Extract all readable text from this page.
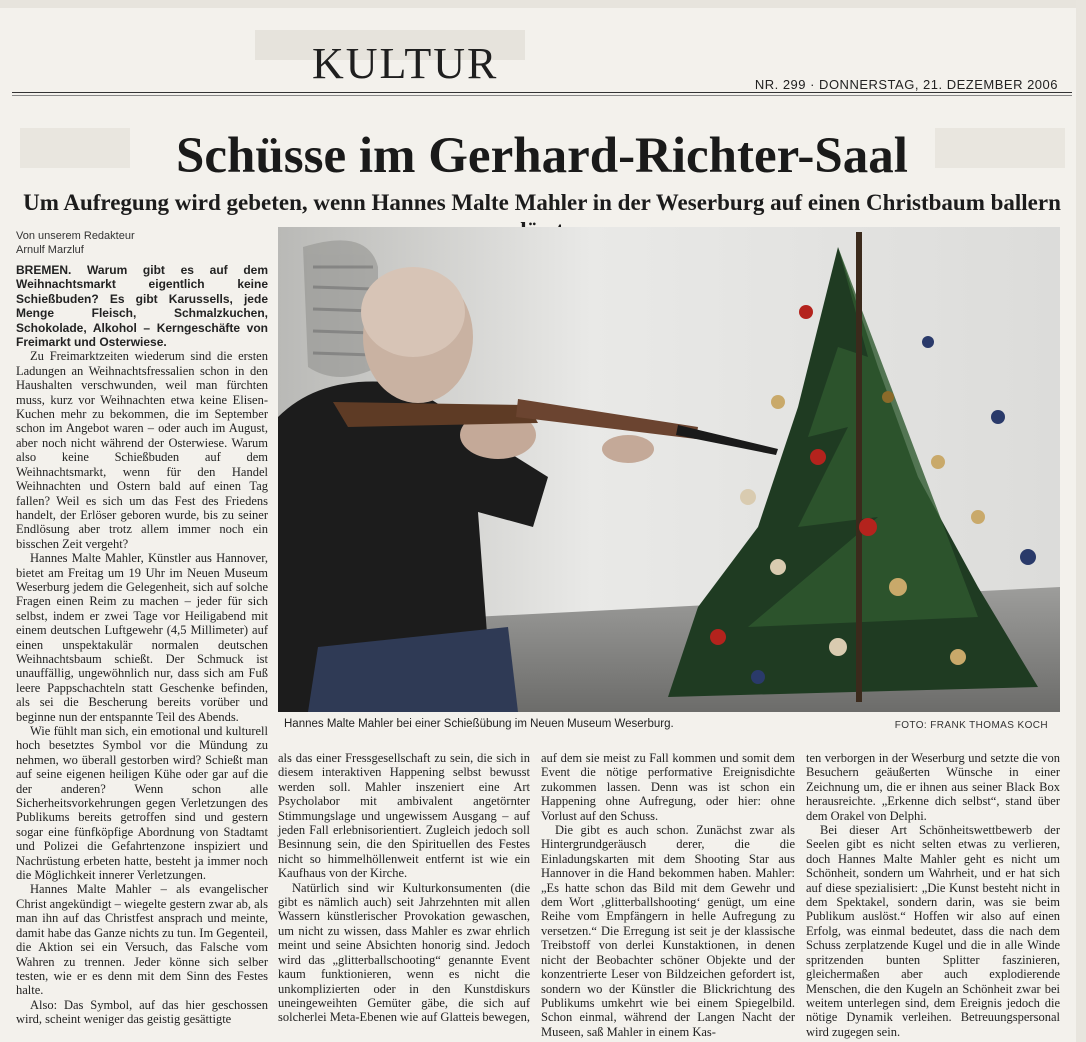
KULTUR	NR. 299 · DONNERSTAG, 21. DEZEMBER 2006
Schüsse im Gerhard-Richter-Saal
Um Aufregung wird gebeten, wenn Hannes Malte Mahler in der Weserburg auf einen Christbaum ballern
Von unserem Redakteur
Arnulf Marzluf

BREMEN. Warum gibt es auf dem Weihnachtsmarkt eigentlich keine Schießbuden? Es gibt Karussells, jede Menge Fleisch, Schmalzkuchen, Schokolade, Alkohol – Kerngeschäfte von Freimarkt und Osterwiese.

Zu Freimarktzeiten wiederum sind die ersten Ladungen an Weihnachtsfressalien schon in den Haushalten verschwunden, weil man fürchten muss, kurz vor Weihnachten etwa keine Elisen-Kuchen mehr zu bekommen, die im September schon im Angebot waren – oder auch im August, aber noch nicht während der Osterwiese. Warum also keine Schießbuden auf dem Weihnachtsmarkt, wenn für den Handel Weihnachten und Ostern bald auf einen Tag fallen? Weil es sich um das Fest des Friedens handelt, der Erlöser geboren wurde, bis zu seiner Endlösung aber trotz allem immer noch ein bisschen Zeit vergeht?

Hannes Malte Mahler, Künstler aus Hannover, bietet am Freitag um 19 Uhr im Neuen Museum Weserburg jedem die Gelegenheit, sich auf solche Fragen einen Reim zu machen – jeder für sich selbst, indem er zwei Tage vor Heiligabend mit einem deutschen Luftgewehr (4,5 Millimeter) auf einen unspektakulär normalen deutschen Weihnachtsbaum schießt. Der Schmuck ist unauffällig, ungewöhnlich nur, dass sich am Fuß leere Pappschachteln statt Geschenke befinden, als sei die Bescherung bereits vorüber und beginne nun der entspannte Teil des Abends.

Wie fühlt man sich, ein emotional und kulturell hoch besetztes Symbol vor die Mündung zu nehmen, wo überall gestorben wird? Schießt man auf seine eigenen heiligen Kühe oder gar auf die der anderen? Wenn schon alle Sicherheitsvorkehrungen gegen Verletzungen des Publikums bereits getroffen sind und gestern sogar eine fünfköpfige Abordnung von Stadtamt und Polizei die Gefahrtenzone inspiziert und Nachrüstung erbeten hatte, besteht ja immer noch die Möglichkeit innerer Verletzungen.

Hannes Malte Mahler – als evangelischer Christ angekündigt – wiegelte gestern zwar ab, als man ihn auf das Christfest ansprach und meinte, damit habe das Ganze nichts zu tun. Im Gegenteil, die Aktion sei ein Versuch, das Falsche vom Wahren zu trennen. Jeder könne sich selber testen, wie er es denn mit dem Sinn des Festes halte.

Also: Das Symbol, auf das hier geschossen wird, scheint weniger das geistig gesättigte

Hannes Malte Mahler bei einer Schießübung im Neuen Museum Weserburg.	FOTO: FRANK THOMAS KOCH

als das einer Fressgesellschaft zu sein, die sich in diesem interaktiven Happening selbst bewusst werden soll. Mahler inszeniert eine Art Psycholabor mit ambivalent angetörnter Stimmungslage und ungewissem Ausgang – auf jeden Fall erlebnisorientiert. Zugleich jedoch soll Besinnung sein, die den Spirituellen des Festes nicht so himmelhöllenweit entfernt ist wie ein Kaufhaus von der Kirche.

Natürlich sind wir Kulturkonsumenten (die gibt es nämlich auch) seit Jahrzehnten mit allen Wassern künstlerischer Provokation gewaschen, um nicht zu wissen, dass Mahler es zwar ehrlich meint und seine Absichten honorig sind. Jedoch wird das „glitterballschooting“ genannte Event kaum funktionieren, wenn es nicht die unkomplizierten oder in den Kunstdiskurs uneingeweihten Gemüter gäbe, die sich auf solcherlei Meta-Ebenen wie auf Glatteis bewegen,

auf dem sie meist zu Fall kommen und somit dem Event die nötige performative Ereignisdichte zukommen lassen. Denn was ist schon ein Happening ohne Aufregung, oder hier: ohne Vorlust auf den Schuss.

Die gibt es auch schon. Zunächst zwar als Hintergrundgeräusch derer, die die Einladungskarten mit dem Shooting Star aus Hannover in die Hand bekommen haben. Mahler: „Es hatte schon das Bild mit dem Gewehr und dem Wort ‚glitterballshooting‘ genügt, um eine Reihe vom Empfängern in helle Aufregung zu versetzen.“ Die Erregung ist seit je der klassische Treibstoff von derlei Kunstaktionen, in denen nicht der Beobachter schöner Objekte und der konzentrierte Leser von Bildzeichen gefordert ist, sondern wo der Künstler die Blickrichtung des Publikums umkehrt wie bei einem Spiegelbild. Schon einmal, während der Langen Nacht der Museen, saß Mahler in einem Kas-

ten verborgen in der Weserburg und setzte die von Besuchern geäußerten Wünsche in einer Zeichnung um, die er ihnen aus seiner Black Box herausreichte. „Erkenne dich selbst“, stand über dem Orakel von Delphi.

Bei dieser Art Schönheitswettbewerb der Seelen gibt es nicht selten etwas zu verlieren, doch Hannes Malte Mahler geht es nicht um Schönheit, sondern um Wahrheit, und er hat sich auf diese spezialisiert: „Die Kunst besteht nicht in dem Spektakel, sondern darin, was sie beim Publikum auslöst.“ Hoffen wir also auf einen Erfolg, was einmal bedeutet, dass die nach dem Schuss zerplatzende Kugel und die in alle Winde spritzenden bunten Splitter faszinieren, gleichermaßen aber auch explodierende Menschen, die den Kugeln an Schönheit zwar bei weitem unterlegen sind, dem Ereignis jedoch die nötige Dynamik verleihen. Betreuungspersonal wird zugegen sein.
